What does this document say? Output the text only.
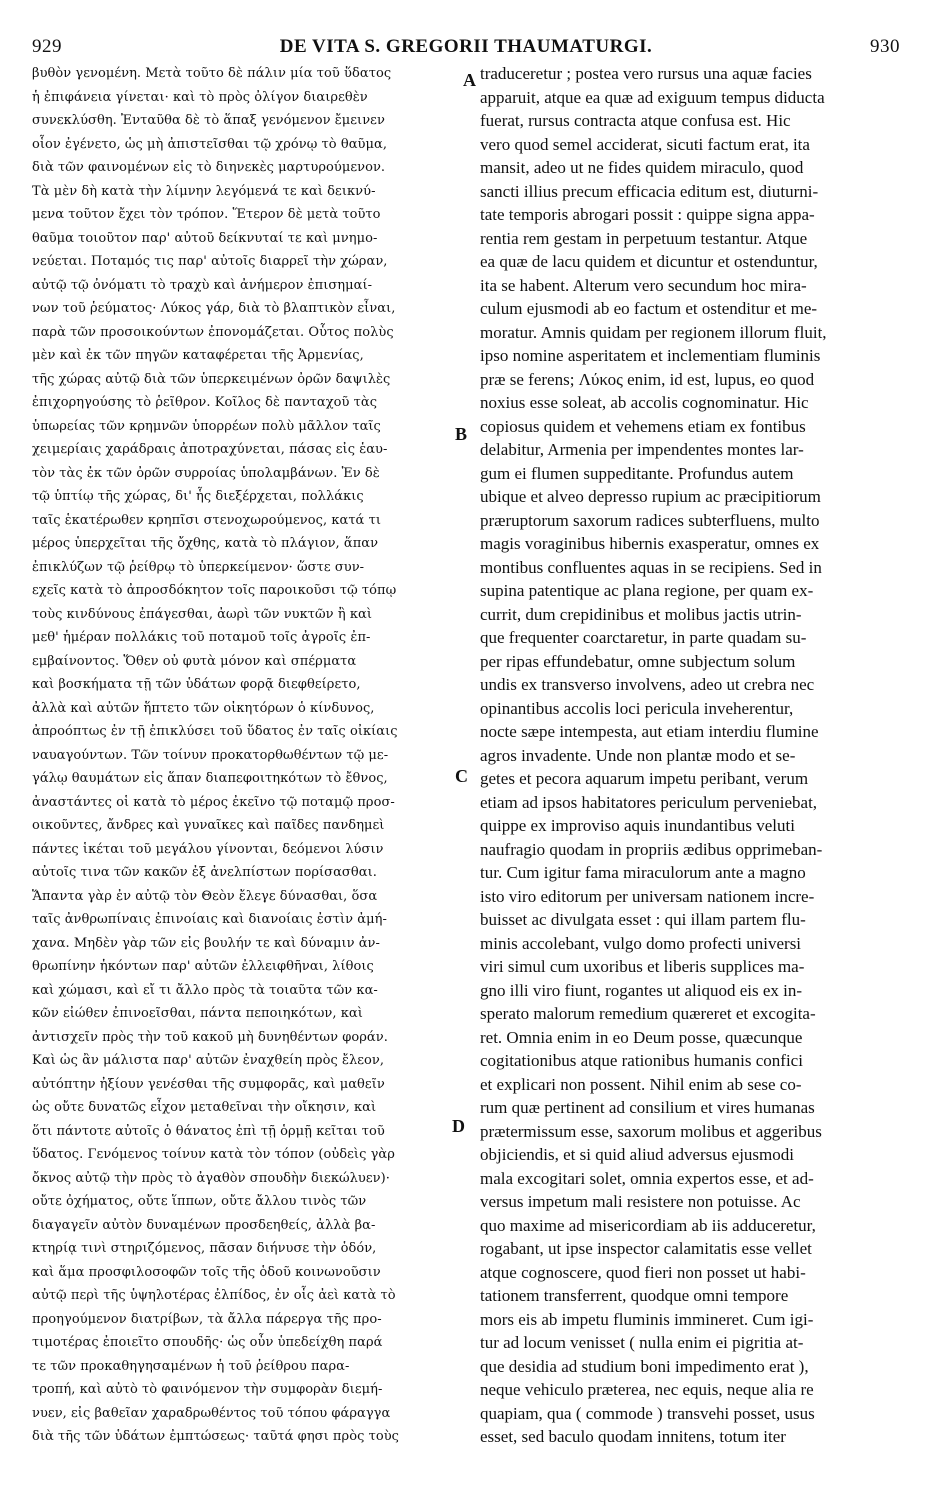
929	DE VITA S. GREGORII THAUMATURGI.	930
βυθὸν γενομένη. Μετὰ τοῦτο δὲ πάλιν μία τοῦ ὕδατος
ἡ ἐπιφάνεια γίνεται· καὶ τὸ πρὸς ὀλίγον διαιρεθὲν
συνεκλύσθη. Ἐνταῦθα δὲ τὸ ἅπαξ γενόμενον ἔμεινεν
οἷον ἐγένετο, ὡς μὴ ἀπιστεῖσθαι τῷ χρόνῳ τὸ θαῦμα,
διὰ τῶν φαινομένων εἰς τὸ διηνεκὲς μαρτυρούμενον.
Τὰ μὲν δὴ κατὰ τὴν λίμνην λεγόμενά τε καὶ δεικνύ-
μενα τοῦτον ἔχει τὸν τρόπον. Ἕτερον δὲ μετὰ τοῦτο
θαῦμα τοιοῦτον παρ' αὐτοῦ δείκνυταί τε καὶ μνημο-
νεύεται. Ποταμός τις παρ' αὐτοῖς διαρρεῖ τὴν χώραν,
αὐτῷ τῷ ὀνόματι τὸ τραχὺ καὶ ἀνήμερον ἐπισημαί-
νων τοῦ ῥεύματος· Λύκος γάρ, διὰ τὸ βλαπτικὸν εἶναι,
παρὰ τῶν προσοικούντων ἐπονομάζεται. Οὗτος πολὺς
μὲν καὶ ἐκ τῶν πηγῶν καταφέρεται τῆς Ἀρμενίας,
τῆς χώρας αὐτῷ διὰ τῶν ὑπερκειμένων ὀρῶν δαψιλὲς
ἐπιχορηγούσης τὸ ῥεῖθρον. Κοῖλος δὲ πανταχοῦ τὰς
ὑπωρείας τῶν κρημνῶν ὑπορρέων πολὺ μᾶλλον ταῖς
χειμερίαις χαράδραις ἀποτραχύνεται, πάσας εἰς ἑαυ-
τὸν τὰς ἐκ τῶν ὀρῶν συρροίας ὑπολαμβάνων. Ἐν δὲ
τῷ ὑπτίῳ τῆς χώρας, δι' ἧς διεξέρχεται, πολλάκις
ταῖς ἑκατέρωθεν κρηπῖσι στενοχωρούμενος, κατά τι
μέρος ὑπερχεῖται τῆς ὄχθης, κατὰ τὸ πλάγιον, ἅπαν
ἐπικλύζων τῷ ῥείθρῳ τὸ ὑπερκείμενον· ὥστε συν-
εχεῖς κατὰ τὸ ἀπροσδόκητον τοῖς παροικοῦσι τῷ τόπῳ
τοὺς κινδύνους ἐπάγεσθαι, ἀωρὶ τῶν νυκτῶν ἢ καὶ
μεθ' ἡμέραν πολλάκις τοῦ ποταμοῦ τοῖς ἀγροῖς ἐπ-
εμβαίνοντος. Ὅθεν οὐ φυτὰ μόνον καὶ σπέρματα
καὶ βοσκήματα τῇ τῶν ὑδάτων φορᾷ διεφθείρετο,
ἀλλὰ καὶ αὐτῶν ἥπτετο τῶν οἰκητόρων ὁ κίνδυνος,
ἀπροόπτως ἐν τῇ ἐπικλύσει τοῦ ὕδατος ἐν ταῖς οἰκίαις
ναυαγούντων. Τῶν τοίνυν προκατορθωθέντων τῷ με-
γάλῳ θαυμάτων εἰς ἅπαν διαπεφοιτηκότων τὸ ἔθνος,
ἀναστάντες οἱ κατὰ τὸ μέρος ἐκεῖνο τῷ ποταμῷ προσ-
οικοῦντες, ἄνδρες καὶ γυναῖκες καὶ παῖδες πανδημεὶ
πάντες ἱκέται τοῦ μεγάλου γίνονται, δεόμενοι λύσιν
αὐτοῖς τινα τῶν κακῶν ἐξ ἀνελπίστων πορίσασθαι.
Ἅπαντα γὰρ ἐν αὐτῷ τὸν Θεὸν ἔλεγε δύνασθαι, ὅσα
ταῖς ἀνθρωπίναις ἐπινοίαις καὶ διανοίαις ἐστὶν ἀμή-
χανα. Μηδὲν γὰρ τῶν εἰς βουλήν τε καὶ δύναμιν ἀν-
θρωπίνην ἡκόντων παρ' αὐτῶν ἐλλειφθῆναι, λίθοις
καὶ χώμασι, καὶ εἴ τι ἄλλο πρὸς τὰ τοιαῦτα τῶν κα-
κῶν εἰώθεν ἐπινοεῖσθαι, πάντα πεποιηκότων, καὶ
ἀντισχεῖν πρὸς τὴν τοῦ κακοῦ μὴ δυνηθέντων φοράν.
Καὶ ὡς ἂν μάλιστα παρ' αὐτῶν ἐναχθείη πρὸς ἔλεον,
αὐτόπτην ἠξίουν γενέσθαι τῆς συμφορᾶς, καὶ μαθεῖν
ὡς οὔτε δυνατῶς εἶχον μεταθεῖναι τὴν οἴκησιν, καὶ
ὅτι πάντοτε αὐτοῖς ὁ θάνατος ἐπὶ τῇ ὁρμῇ κεῖται τοῦ
ὕδατος. Γενόμενος τοίνυν κατὰ τὸν τόπον (οὐδεὶς γὰρ
ὄκνος αὐτῷ τὴν πρὸς τὸ ἀγαθὸν σπουδὴν διεκώλυεν)·
οὔτε ὀχήματος, οὔτε ἵππων, οὔτε ἄλλου τινὸς τῶν
διαγαγεῖν αὐτὸν δυναμένων προσδεηθείς, ἀλλὰ βα-
κτηρίᾳ τινὶ στηριζόμενος, πᾶσαν διήνυσε τὴν ὁδόν,
καὶ ἅμα προσφιλοσοφῶν τοῖς τῆς ὁδοῦ κοινωνοῦσιν
αὐτῷ περὶ τῆς ὑψηλοτέρας ἐλπίδος, ἐν οἷς ἀεὶ κατὰ τὸ
προηγούμενον διατρίβων, τὰ ἄλλα πάρεργα τῆς προ-
τιμοτέρας ἐποιεῖτο σπουδῆς· ὡς οὖν ὑπεδείχθη παρά
τε τῶν προκαθηγησαμένων ἡ τοῦ ῥείθρου παρα-
τροπή, καὶ αὐτὸ τὸ φαινόμενον τὴν συμφορὰν διεμή-
νυεν, εἰς βαθεῖαν χαραδρωθέντος τοῦ τόπου φάραγγα
διὰ τῆς τῶν ὑδάτων ἐμπτώσεως· ταῦτά φησι πρὸς τοὺς
traduceretur ; postea vero rursus una aquæ facies
apparuit, atque ea quæ ad exiguum tempus diducta
fuerat, rursus contracta atque confusa est. Hic
vero quod semel acciderat, sicuti factum erat, ita
mansit, adeo ut ne fides quidem miraculo, quod
sancti illius precum efficacia editum est, diuturni-
tate temporis abrogari possit : quippe signa appa-
rentia rem gestam in perpetuum testantur. Atque
ea quæ de lacu quidem et dicuntur et ostenduntur,
ita se habent. Alterum vero secundum hoc mira-
culum ejusmodi ab eo factum et ostenditur et me-
moratur. Amnis quidam per regionem illorum fluit,
ipso nomine asperitatem et inclementiam fluminis
præ se ferens; Λύκος enim, id est, lupus, eo quod
noxius esse soleat, ab accolis cognominatur. Hic
copiosus quidem et vehemens etiam ex fontibus
delabitur, Armenia per impendentes montes lar-
gum ei flumen suppeditante. Profundus autem
ubique et alveo depresso rupium ac præcipitiorum
præruptorum saxorum radices subterfluens, multo
magis voraginibus hibernis exasperatur, omnes ex
montibus confluentes aquas in se recipiens. Sed in
supina patentique ac plana regione, per quam ex-
currit, dum crepidinibus et molibus jactis utrin-
que frequenter coarctaretur, in parte quadam su-
per ripas effundebatur, omne subjectum solum
undis ex transverso involvens, adeo ut crebra nec
opinantibus accolis loci pericula inveherentur,
nocte sæpe intempesta, aut etiam interdiu flumine
agros invadente. Unde non plantæ modo et se-
getes et pecora aquarum impetu peribant, verum
etiam ad ipsos habitatores periculum perveniebat,
quippe ex improviso aquis inundantibus veluti
naufragio quodam in propriis ædibus opprimeban-
tur. Cum igitur fama miraculorum ante a magno
isto viro editorum per universam nationem incre-
buisset ac divulgata esset : qui illam partem flu-
minis accolebant, vulgo domo profecti universi
viri simul cum uxoribus et liberis supplices ma-
gno illi viro fiunt, rogantes ut aliquod eis ex in-
sperato malorum remedium quæreret et excogita-
ret. Omnia enim in eo Deum posse, quæcunque
cogitationibus atque rationibus humanis confici
et explicari non possent. Nihil enim ab sese co-
rum quæ pertinent ad consilium et vires humanas
prætermissum esse, saxorum molibus et aggeribus
objiciendis, et si quid aliud adversus ejusmodi
mala excogitari solet, omnia expertos esse, et ad-
versus impetum mali resistere non potuisse. Ac
quo maxime ad misericordiam ab iis adduceretur,
rogabant, ut ipse inspector calamitatis esse vellet
atque cognoscere, quod fieri non posset ut habi-
tationem transferrent, quodque omni tempore
mors eis ab impetu fluminis immineret. Cum igi-
tur ad locum venisset ( nulla enim ei pigritia at-
que desidia ad studium boni impedimento erat ),
neque vehiculo præterea, nec equis, neque alia re
quapiam, qua ( commode ) transvehi posset, usus
esset, sed baculo quodam innitens, totum iter
A
B
C
D
